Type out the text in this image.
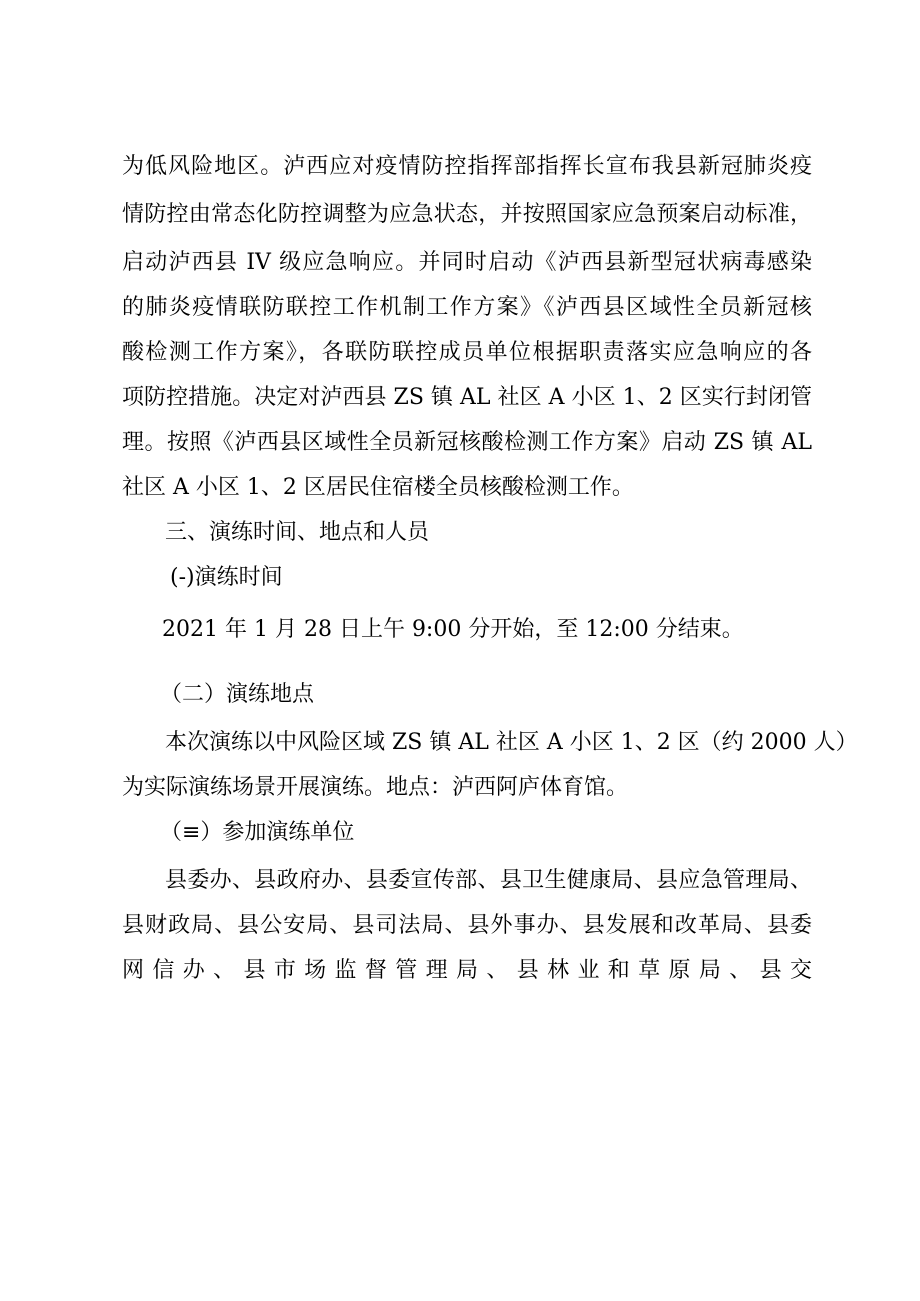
为低风险地区。泸西应对疫情防控指挥部指挥长宣布我县新冠肺炎疫

情防控由常态化防控调整为应急状态，并按照国家应急预案启动标准，

启动泸西县 IV 级应急响应。并同时启动《泸西县新型冠状病毒感染

的肺炎疫情联防联控工作机制工作方案》《泸西县区域性全员新冠核

酸检测工作方案》，各联防联控成员单位根据职责落实应急响应的各

项防控措施。决定对泸西县 ZS 镇 AL 社区 A 小区 1、2 区实行封闭管

理。按照《泸西县区域性全员新冠核酸检测工作方案》启动 ZS 镇 AL

社区 A 小区 1、2 区居民住宿楼全员核酸检测工作。

三、演练时间、地点和人员

(-)演练时间

2021 年 1 月 28 日上午 9:00 分开始，至 12:00 分结束。

（二）演练地点

本次演练以中风险区域 ZS 镇 AL 社区 A 小区 1、2 区（约 2000 人）

为实际演练场景开展演练。地点：泸西阿庐体育馆。

（≡）参加演练单位

县委办、县政府办、县委宣传部、县卫生健康局、县应急管理局、

县财政局、县公安局、县司法局、县外事办、县发展和改革局、县委

网信办、县市场监督管理局、县林业和草原局、县交
